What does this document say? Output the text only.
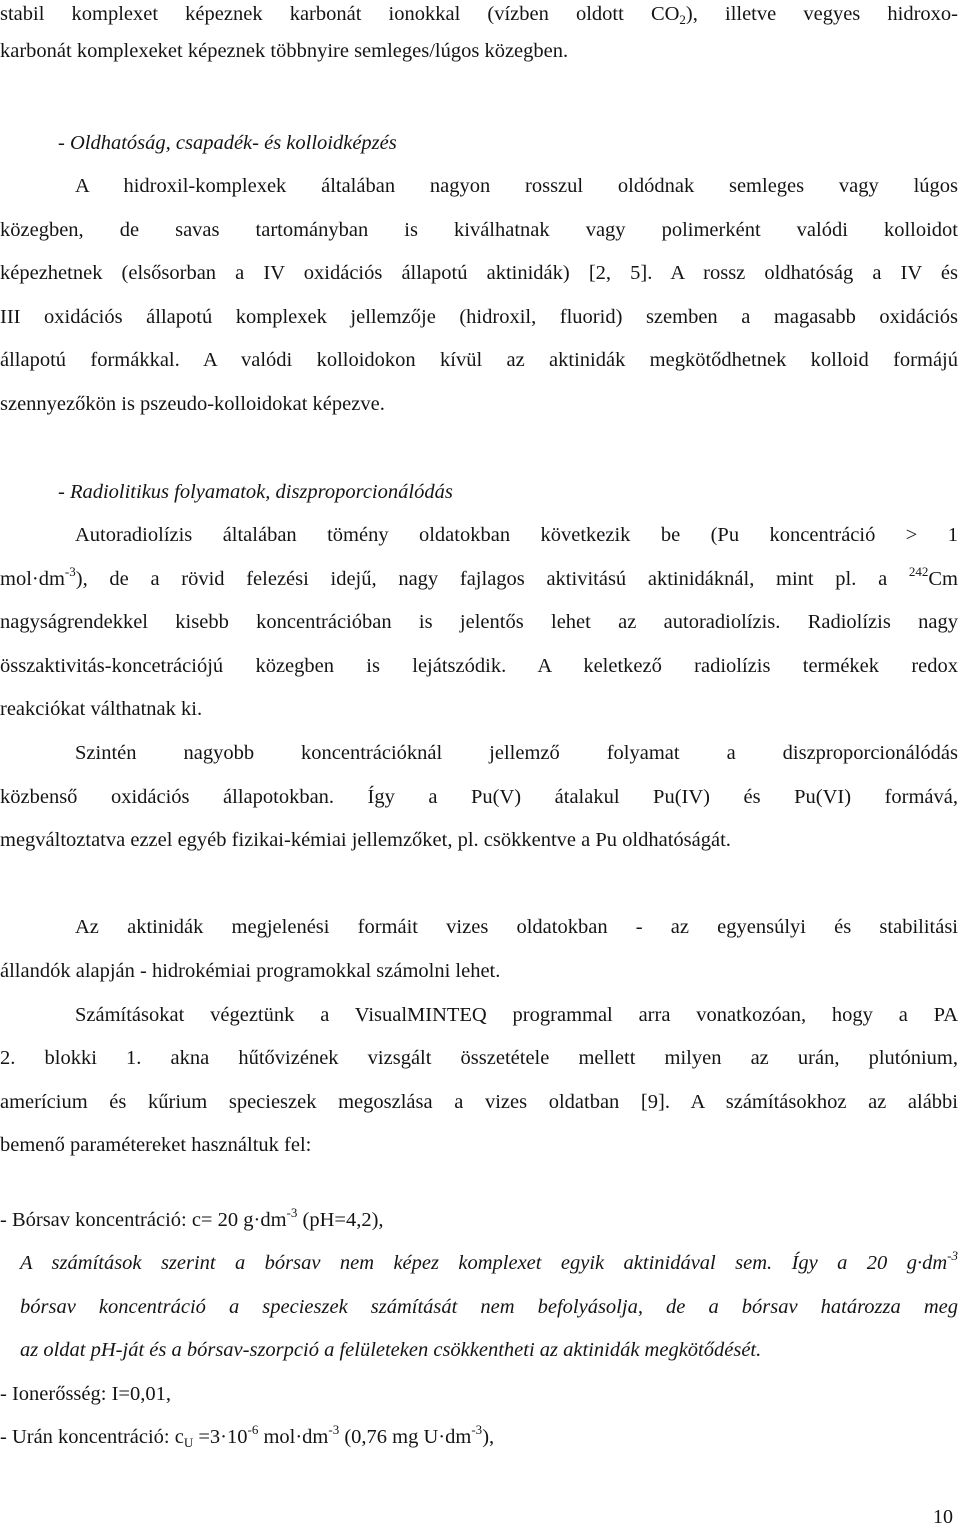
stabil komplexet képeznek karbonát ionokkal (vízben oldott $CO_2$), illetve vegyes hidroxo-
karbonát komplexeket képeznek többnyire semleges/lúgos közegben.
- Oldhatóság, csapadék- és kolloidképzés
A hidroxil-komplexek általában nagyon rosszul oldódnak semleges vagy lúgos
közegben, de savas tartományban is kiválhatnak vagy polimerként valódi kolloidot
képezhetnek (elsősorban a IV oxidációs állapotú aktinidák) [2, 5]. A rossz oldhatóság a IV és
III oxidációs állapotú komplexek jellemzője (hidroxil, fluorid) szemben a magasabb oxidációs
állapotú formákkal. A valódi kolloidokon kívül az aktinidák megkötődhetnek kolloid formájú
szennyezőkön is pszeudo-kolloidokat képezve.
- Radiolitikus folyamatok, diszproporcionálódás
Autoradiolízis általában tömény oldatokban következik be (Pu koncentráció > 1
$mol\cdot dm^{-3}$), de a rövid felezési idejű, nagy fajlagos aktivitású aktinidáknál, mint pl. a $^{242}$Cm
nagyságrendekkel kisebb koncentrációban is jelentős lehet az autoradiolízis. Radiolízis nagy
összaktivitás-koncetrációjú közegben is lejátszódik. A keletkező radiolízis termékek redox
reakciókat válthatnak ki.
Szintén nagyobb koncentrációknál jellemző folyamat a diszproporcionálódás
közbenső oxidációs állapotokban. Így a Pu(V) átalakul Pu(IV) és Pu(VI) formává,
megváltoztatva ezzel egyéb fizikai-kémiai jellemzőket, pl. csökkentve a Pu oldhatóságát.
Az aktinidák megjelenési formáit vizes oldatokban - az egyensúlyi és stabilitási
állandók alapján - hidrokémiai programokkal számolni lehet.
Számításokat végeztünk a VisualMINTEQ programmal arra vonatkozóan, hogy a PA
2. blokki 1. akna hűtővizének vizsgált összetétele mellett milyen az urán, plutónium,
amerícium és kűrium specieszek megoszlása a vizes oldatban [9]. A számításokhoz az alábbi
bemenő paramétereket használtuk fel:
- Bórsav koncentráció: c= 20 $g\cdot dm^{-3}$ (pH=4,2),
A számítások szerint a bórsav nem képez komplexet egyik aktinidával sem. Így a 20 $g\cdot dm^{-3}$
bórsav koncentráció a specieszek számítását nem befolyásolja, de a bórsav határozza meg
az oldat pH-ját és a bórsav-szorpció a felületeken csökkentheti az aktinidák megkötődését.
- Ionerősség: I=0,01,
- Urán koncentráció: $c_U =3\cdot 10^{-6}$ $mol\cdot dm^{-3}$ (0,76 mg $U\cdot dm^{-3}$),
10
